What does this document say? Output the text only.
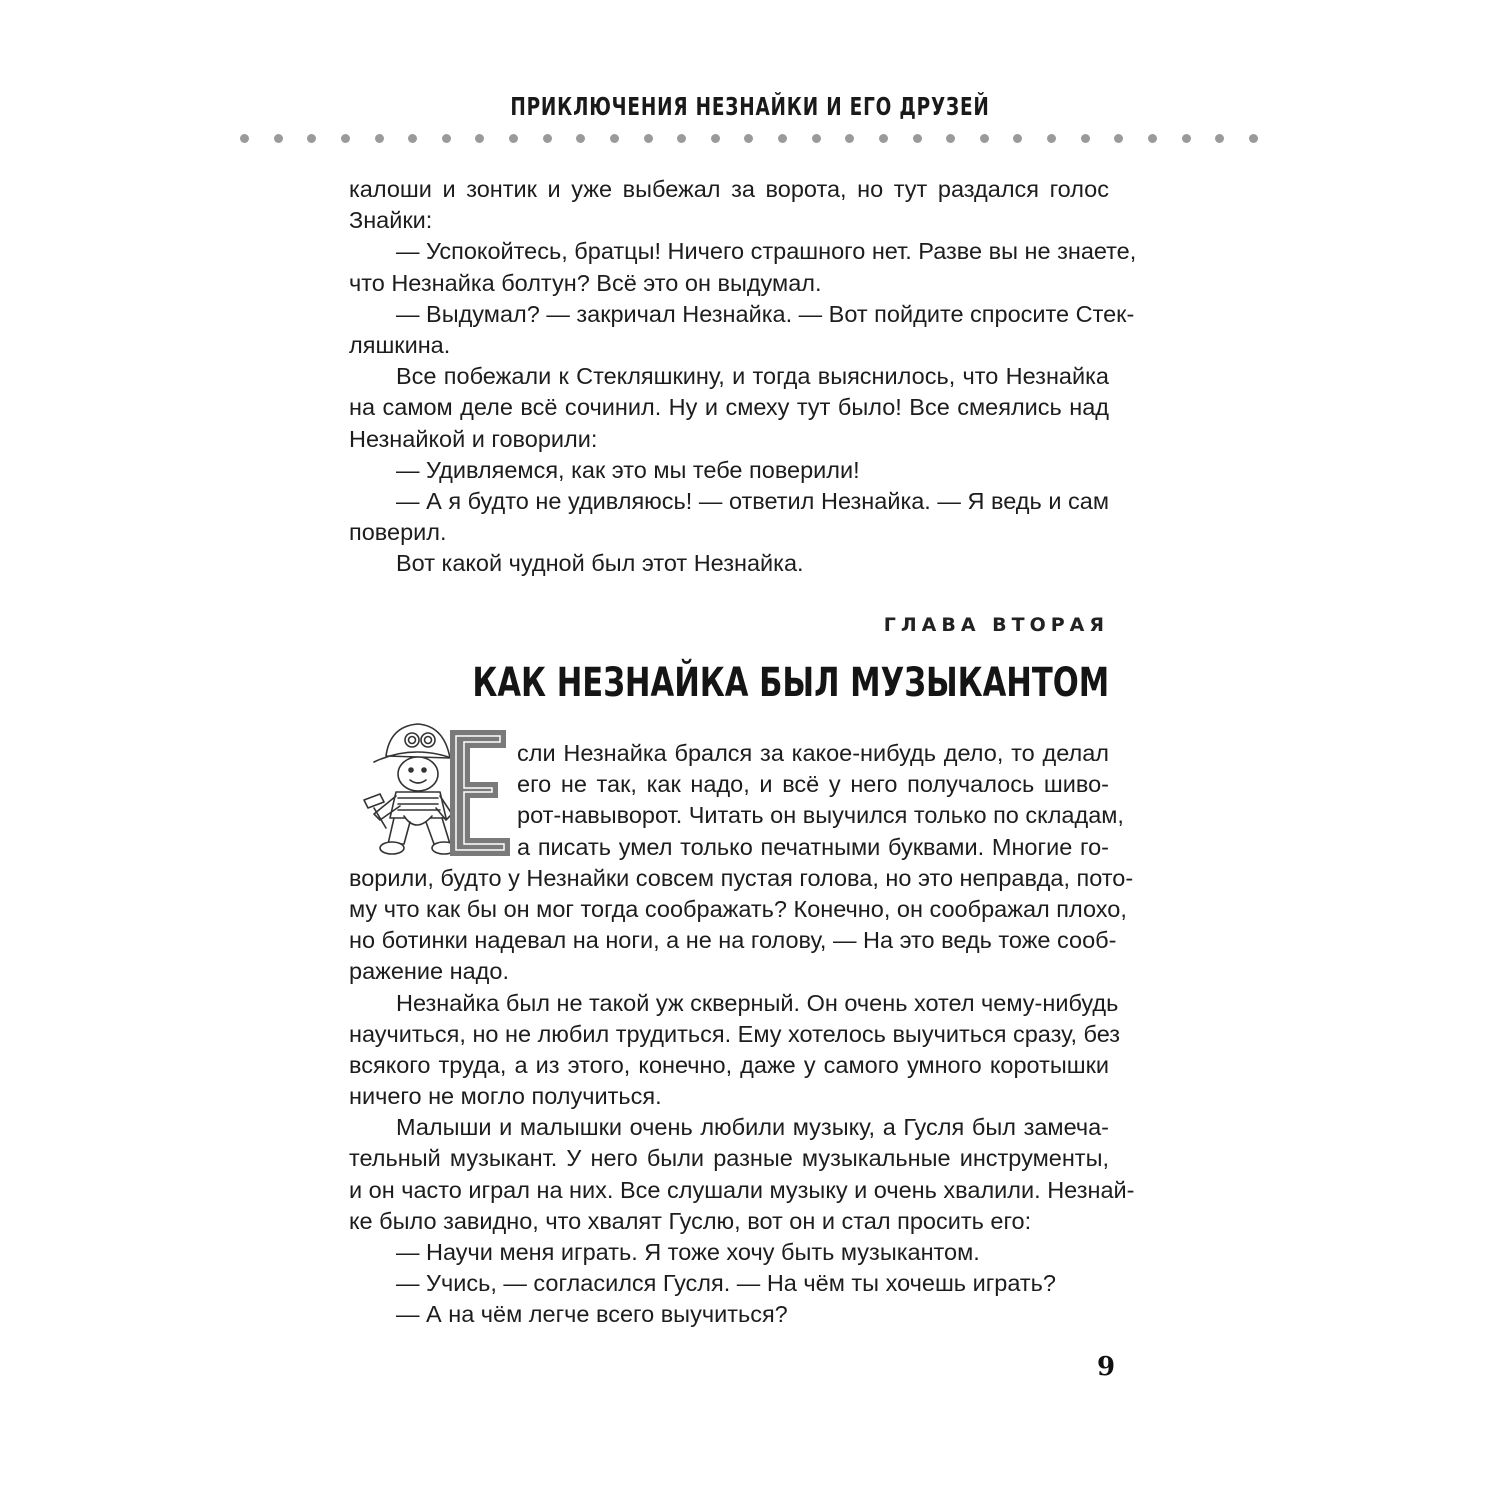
ПРИКЛЮЧЕНИЯ НЕЗНАЙКИ И ЕГО ДРУЗЕЙ
калоши и зонтик и уже выбежал за ворота, но тут раздался голос
Знайки:
— Успокойтесь, братцы! Ничего страшного нет. Разве вы не знаете,
что Незнайка болтун? Всё это он выдумал.
— Выдумал? — закричал Незнайка. — Вот пойдите спросите Стек-
ляшкина.
Все побежали к Стекляшкину, и тогда выяснилось, что Незнайка
на самом деле всё сочинил. Ну и смеху тут было! Все смеялись над
Незнайкой и говорили:
— Удивляемся, как это мы тебе поверили!
— А я будто не удивляюсь! — ответил Незнайка. — Я ведь и сам
поверил.
Вот какой чудной был этот Незнайка.
ГЛАВА ВТОРАЯ
КАК НЕЗНАЙКА БЫЛ МУЗЫКАНТОМ
сли Незнайка брался за какое-нибудь дело, то делал
его не так, как надо, и всё у него получалось шиво-
рот-навыворот. Читать он выучился только по складам,
а писать умел только печатными буквами. Многие го-
ворили, будто у Незнайки совсем пустая голова, но это неправда, пото-
му что как бы он мог тогда соображать? Конечно, он соображал плохо,
но ботинки надевал на ноги, а не на голову, — На это ведь тоже сооб-
ражение надо.
Незнайка был не такой уж скверный. Он очень хотел чему-нибудь
научиться, но не любил трудиться. Ему хотелось выучиться сразу, без
всякого труда, а из этого, конечно, даже у самого умного коротышки
ничего не могло получиться.
Малыши и малышки очень любили музыку, а Гусля был замеча-
тельный музыкант. У него были разные музыкальные инструменты,
и он часто играл на них. Все слушали музыку и очень хвалили. Незнай-
ке было завидно, что хвалят Гуслю, вот он и стал просить его:
— Научи меня играть. Я тоже хочу быть музыкантом.
— Учись, — согласился Гусля. — На чём ты хочешь играть?
— А на чём легче всего выучиться?
9
